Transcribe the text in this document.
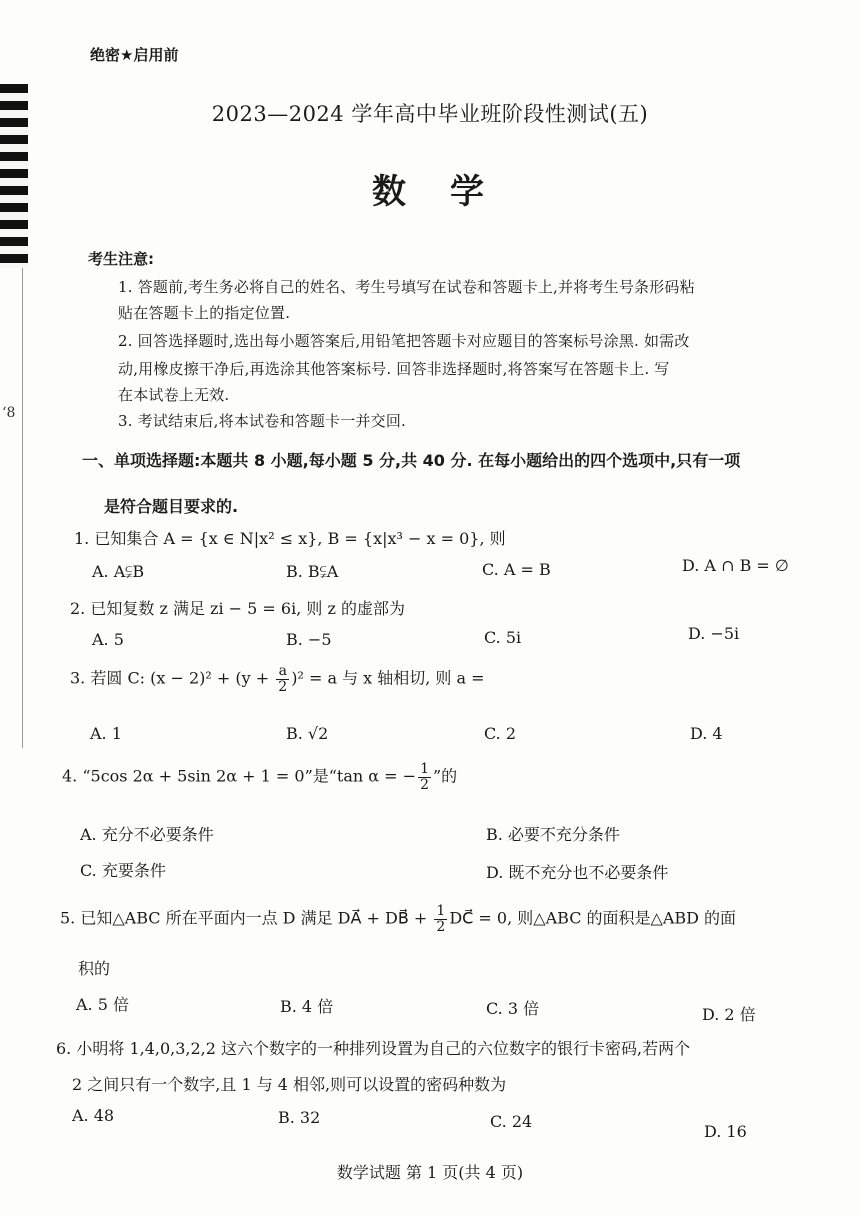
ʻ8
绝密★启用前
2023—2024 学年高中毕业班阶段性测试(五)
数学
考生注意:
1. 答题前,考生务必将自己的姓名、考生号填写在试卷和答题卡上,并将考生号条形码粘
贴在答题卡上的指定位置.
2. 回答选择题时,选出每小题答案后,用铅笔把答题卡对应题目的答案标号涂黑. 如需改
动,用橡皮擦干净后,再选涂其他答案标号. 回答非选择题时,将答案写在答题卡上. 写
在本试卷上无效.
3. 考试结束后,将本试卷和答题卡一并交回.
一、单项选择题:本题共 8 小题,每小题 5 分,共 40 分. 在每小题给出的四个选项中,只有一项
是符合题目要求的.
1. 已知集合 A = {x ∈ N|x² ≤ x}, B = {x|x³ − x = 0}, 则
A. A⫋B	B. B⫋A	C. A = B	D. A ∩ B = ∅
2. 已知复数 z 满足 zi − 5 = 6i, 则 z 的虚部为
A. 5	B. −5	C. 5i	D. −5i
3. 若圆 C: $(x - 2)^2 + (y + \frac{a}{2} )^2 = a$ 与 x 轴相切, 则 a =
A. 1	B. √2	C. 2	D. 4
4. “5cos 2α + 5sin 2α + 1 = 0”是“tan α = − $\frac{1}{2}$ ”的
A. 充分不必要条件	B. 必要不充分条件
C. 充要条件	D. 既不充分也不必要条件
5. 已知△ABC 所在平面内一点 D 满足 DA⃗ + DB⃗ + $\frac{1}{2}$ DC⃗ = 0, 则△ABC 的面积是△ABD 的面
积的
A. 5 倍	B. 4 倍	C. 3 倍	D. 2 倍
6. 小明将 1,4,0,3,2,2 这六个数字的一种排列设置为自己的六位数字的银行卡密码,若两个
2 之间只有一个数字,且 1 与 4 相邻,则可以设置的密码种数为
A. 48	B. 32	C. 24
D. 16
数学试题 第 1 页(共 4 页)
